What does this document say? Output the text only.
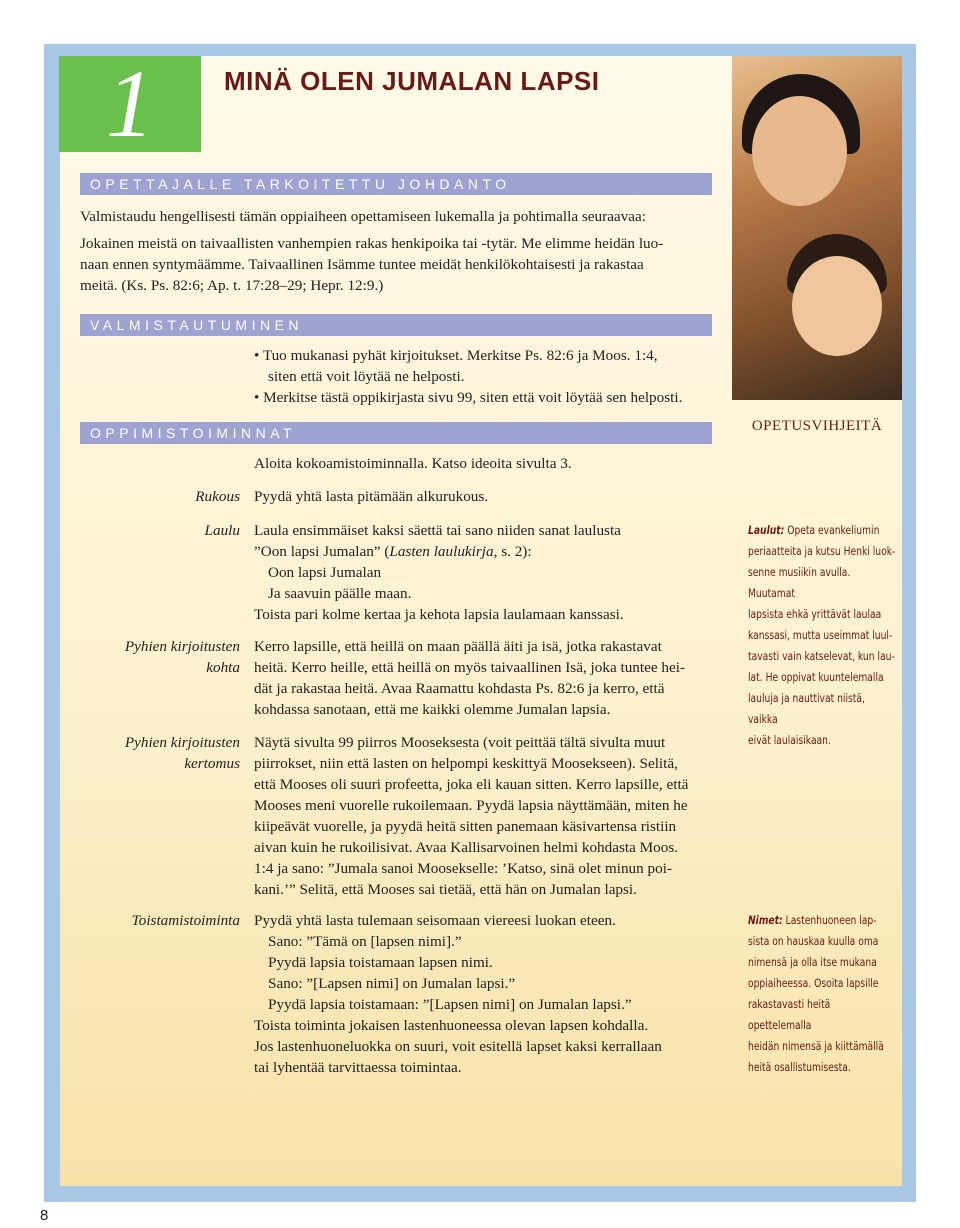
1	MINÄ OLEN JUMALAN LAPSI
OPETTAJALLE TARKOITETTU JOHDANTO
Valmistaudu hengellisesti tämän oppiaiheen opettamiseen lukemalla ja pohtimalla seuraavaa:
Jokainen meistä on taivaallisten vanhempien rakas henkipoika tai -tytär. Me elimme heidän luo-
naan ennen syntymäämme. Taivaallinen Isämme tuntee meidät henkilökohtaisesti ja rakastaa
meitä. (Ks. Ps. 82:6; Ap. t. 17:28–29; Hepr. 12:9.)
VALMISTAUTUMINEN
• Tuo mukanasi pyhät kirjoitukset. Merkitse Ps. 82:6 ja Moos. 1:4,
siten että voit löytää ne helposti.
• Merkitse tästä oppikirjasta sivu 99, siten että voit löytää sen helposti.
OPPIMISTOIMINNAT
Aloita kokoamistoiminnalla. Katso ideoita sivulta 3.
Rukous Pyydä yhtä lasta pitämään alkurukous.
Laulu Laula ensimmäiset kaksi säettä tai sano niiden sanat laulusta
”Oon lapsi Jumalan” (Lasten laulukirja, s. 2):
Oon lapsi Jumalan
Ja saavuin päälle maan.
Toista pari kolme kertaa ja kehota lapsia laulamaan kanssasi.
Pyhien kirjoitusten
kohta
Kerro lapsille, että heillä on maan päällä äiti ja isä, jotka rakastavat
heitä. Kerro heille, että heillä on myös taivaallinen Isä, joka tuntee hei-
dät ja rakastaa heitä. Avaa Raamattu kohdasta Ps. 82:6 ja kerro, että
kohdassa sanotaan, että me kaikki olemme Jumalan lapsia.
Pyhien kirjoitusten
kertomus
Näytä sivulta 99 piirros Mooseksesta (voit peittää tältä sivulta muut
piirrokset, niin että lasten on helpompi keskittyä Moosekseen). Selitä,
että Mooses oli suuri profeetta, joka eli kauan sitten. Kerro lapsille, että
Mooses meni vuorelle rukoilemaan. Pyydä lapsia näyttämään, miten he
kiipeävät vuorelle, ja pyydä heitä sitten panemaan käsivartensa ristiin
aivan kuin he rukoilisivat. Avaa Kallisarvoinen helmi kohdasta Moos.
1:4 ja sano: ”Jumala sanoi Moosekselle: ’Katso, sinä olet minun poi-
kani.’” Selitä, että Mooses sai tietää, että hän on Jumalan lapsi.
Toistamistoiminta Pyydä yhtä lasta tulemaan seisomaan viereesi luokan eteen.
Sano: ”Tämä on [lapsen nimi].”
Pyydä lapsia toistamaan lapsen nimi.
Sano: ”[Lapsen nimi] on Jumalan lapsi.”
Pyydä lapsia toistamaan: ”[Lapsen nimi] on Jumalan lapsi.”
Toista toiminta jokaisen lastenhuoneessa olevan lapsen kohdalla.
Jos lastenhuoneluokka on suuri, voit esitellä lapset kaksi kerrallaan
tai lyhentää tarvittaessa toimintaa.
OPETUSVIHJEITÄ
Laulut: Opeta evankeliumin
periaatteita ja kutsu Henki luok-
senne musiikin avulla. Muutamat
lapsista ehkä yrittävät laulaa
kanssasi, mutta useimmat luul-
tavasti vain katselevat, kun lau-
lat. He oppivat kuuntelemalla
lauluja ja nauttivat niistä, vaikka
eivät laulaisikaan.
Nimet: Lastenhuoneen lap-
sista on hauskaa kuulla oma
nimensä ja olla itse mukana
oppiaiheessa. Osoita lapsille
rakastavasti heitä opettelemalla
heidän nimensä ja kiittämällä
heitä osallistumisesta.
8
